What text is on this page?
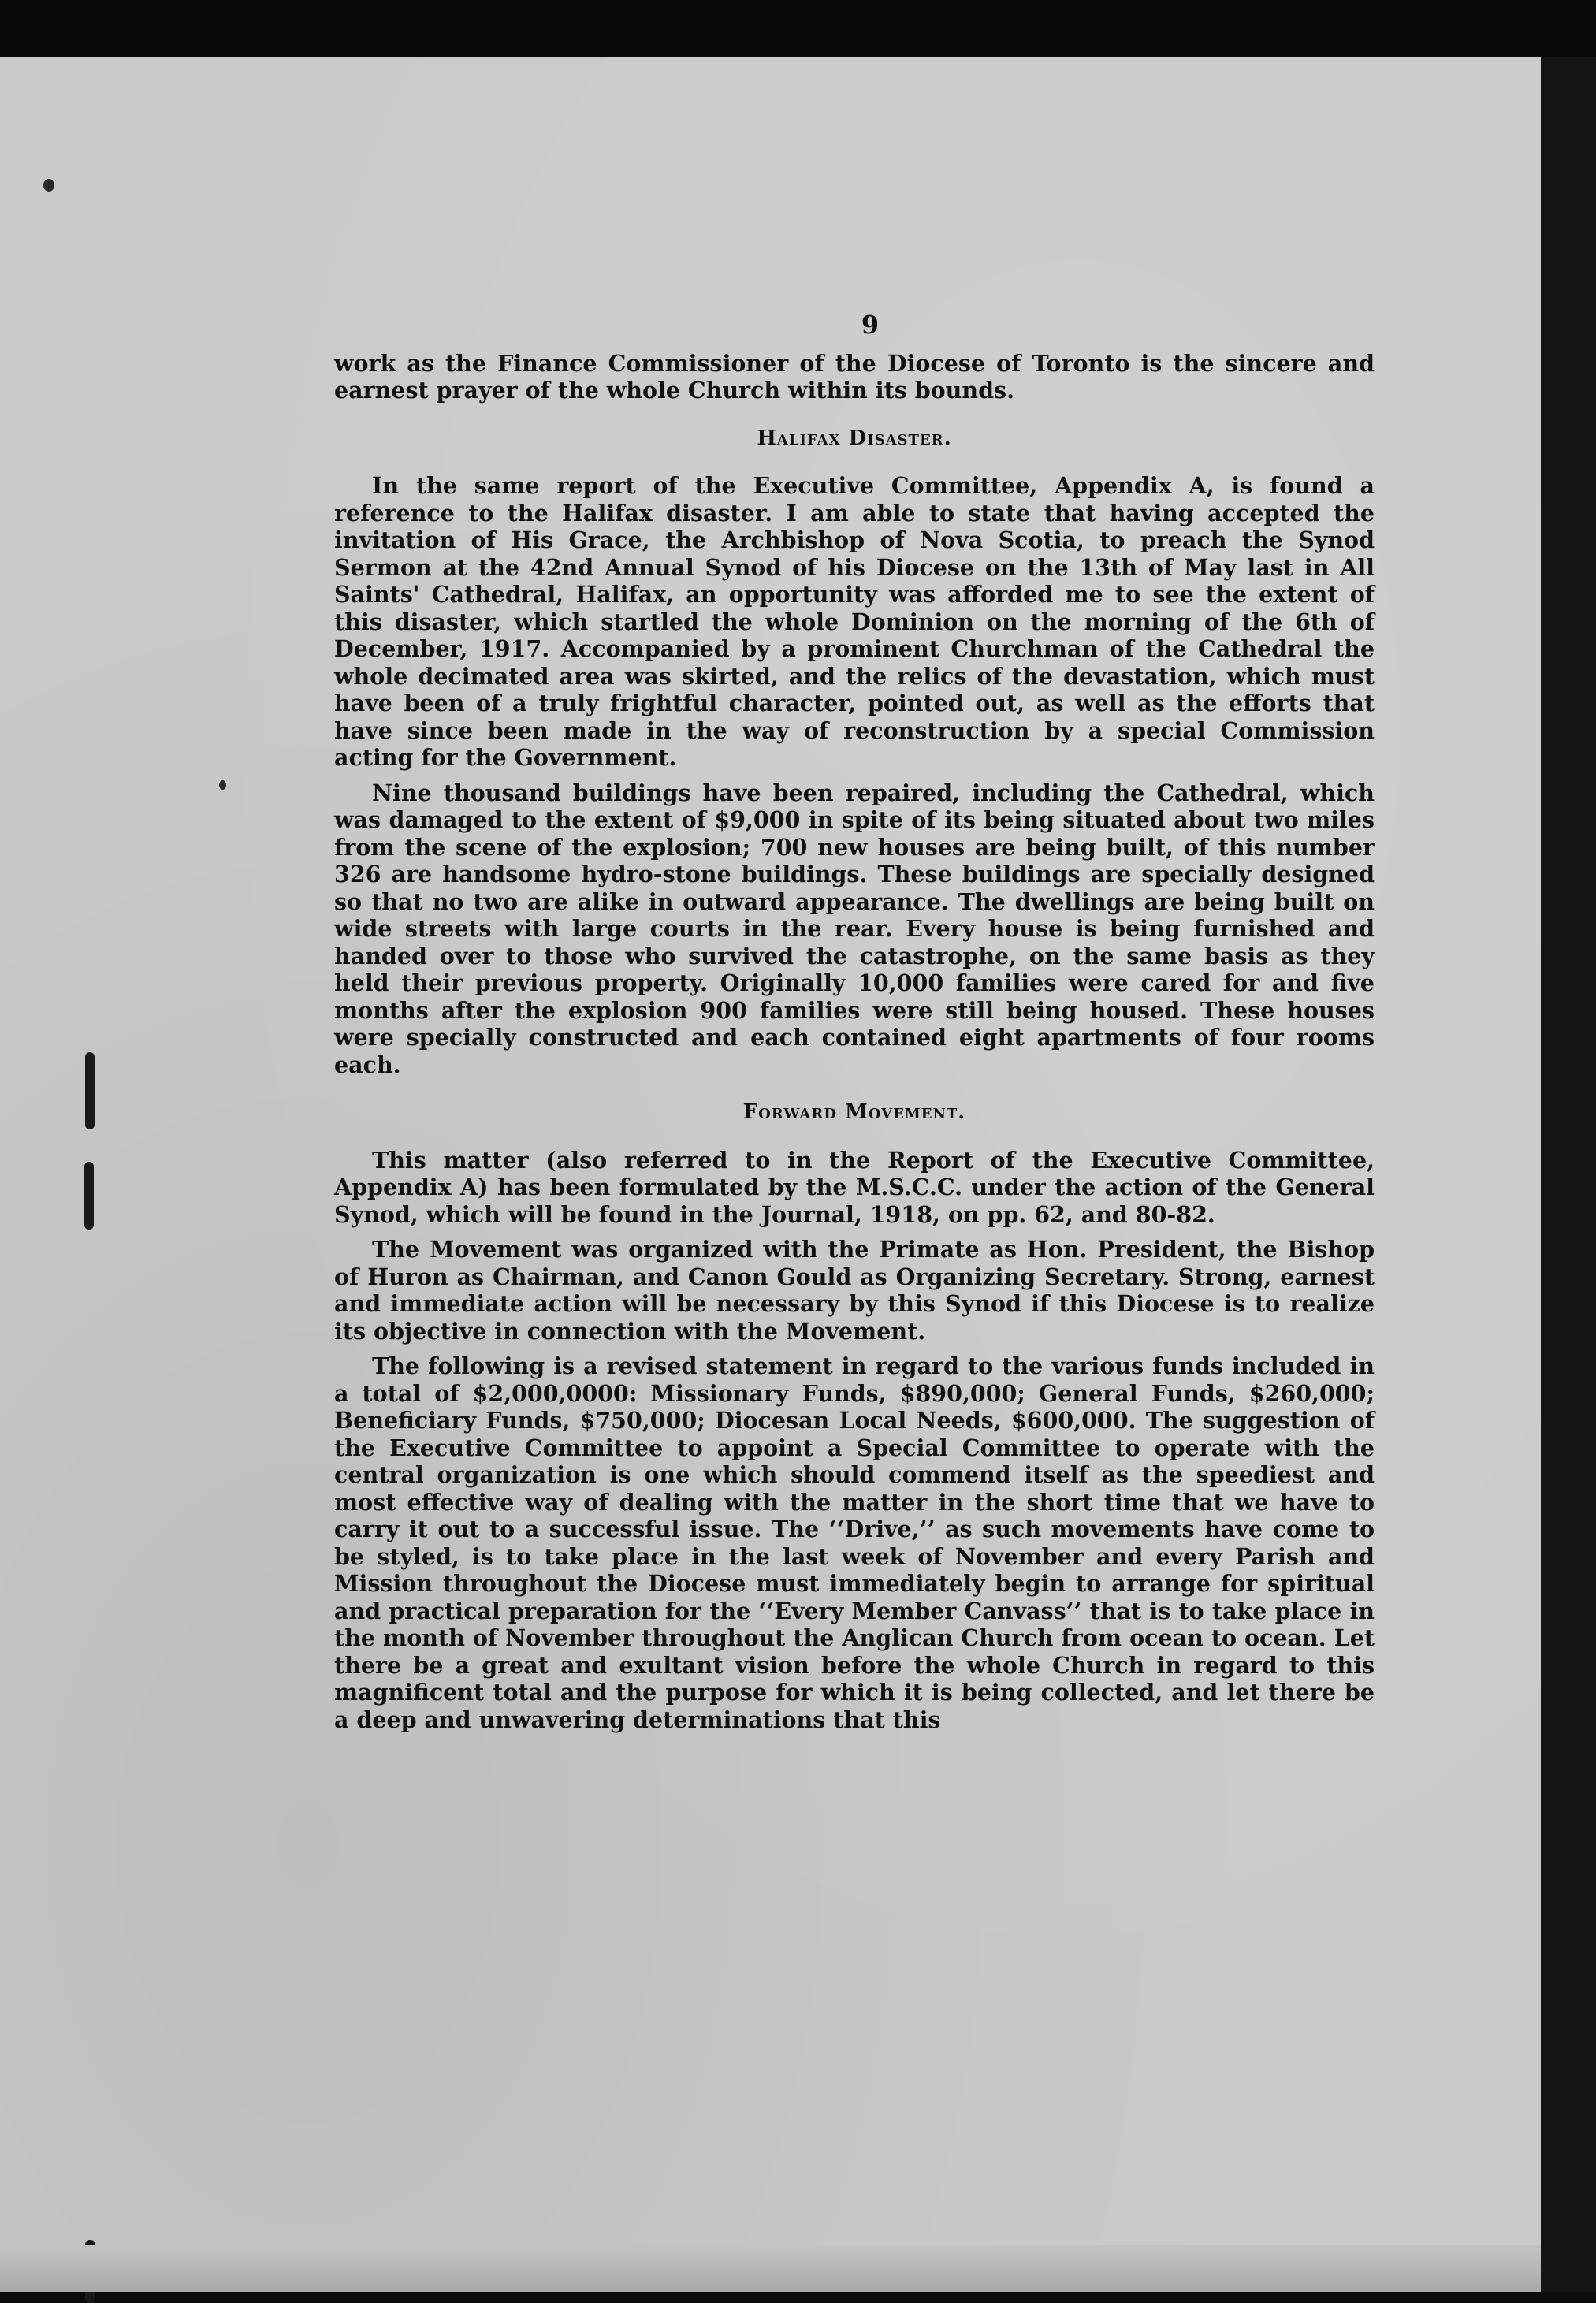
9

work as the Finance Commissioner of the Diocese of Toronto is the sincere and earnest prayer of the whole Church within its bounds.

Halifax Disaster.

In the same report of the Executive Committee, Appendix A, is found a reference to the Halifax disaster. I am able to state that having accepted the invitation of His Grace, the Archbishop of Nova Scotia, to preach the Synod Sermon at the 42nd Annual Synod of his Diocese on the 13th of May last in All Saints' Cathedral, Halifax, an opportunity was afforded me to see the extent of this disaster, which startled the whole Dominion on the morning of the 6th of December, 1917. Accompanied by a prominent Churchman of the Cathedral the whole decimated area was skirted, and the relics of the devastation, which must have been of a truly frightful character, pointed out, as well as the efforts that have since been made in the way of reconstruction by a special Commission acting for the Government.

Nine thousand buildings have been repaired, including the Cathedral, which was damaged to the extent of $9,000 in spite of its being situated about two miles from the scene of the explosion; 700 new houses are being built, of this number 326 are handsome hydro-stone buildings. These buildings are specially designed so that no two are alike in outward appearance. The dwellings are being built on wide streets with large courts in the rear. Every house is being furnished and handed over to those who survived the catastrophe, on the same basis as they held their previous property. Originally 10,000 families were cared for and five months after the explosion 900 families were still being housed. These houses were specially constructed and each contained eight apartments of four rooms each.

Forward Movement.

This matter (also referred to in the Report of the Executive Committee, Appendix A) has been formulated by the M.S.C.C. under the action of the General Synod, which will be found in the Journal, 1918, on pp. 62, and 80-82.

The Movement was organized with the Primate as Hon. President, the Bishop of Huron as Chairman, and Canon Gould as Organizing Secretary. Strong, earnest and immediate action will be necessary by this Synod if this Diocese is to realize its objective in connection with the Movement.

The following is a revised statement in regard to the various funds included in a total of $2,000,0000: Missionary Funds, $890,000; General Funds, $260,000; Beneficiary Funds, $750,000; Diocesan Local Needs, $600,000. The suggestion of the Executive Committee to appoint a Special Committee to operate with the central organization is one which should commend itself as the speediest and most effective way of dealing with the matter in the short time that we have to carry it out to a successful issue. The ‘‘Drive,’’ as such movements have come to be styled, is to take place in the last week of November and every Parish and Mission throughout the Diocese must immediately begin to arrange for spiritual and practical preparation for the ‘‘Every Member Canvass’’ that is to take place in the month of November throughout the Anglican Church from ocean to ocean. Let there be a great and exultant vision before the whole Church in regard to this magnificent total and the purpose for which it is being collected, and let there be a deep and unwavering determinations that this
